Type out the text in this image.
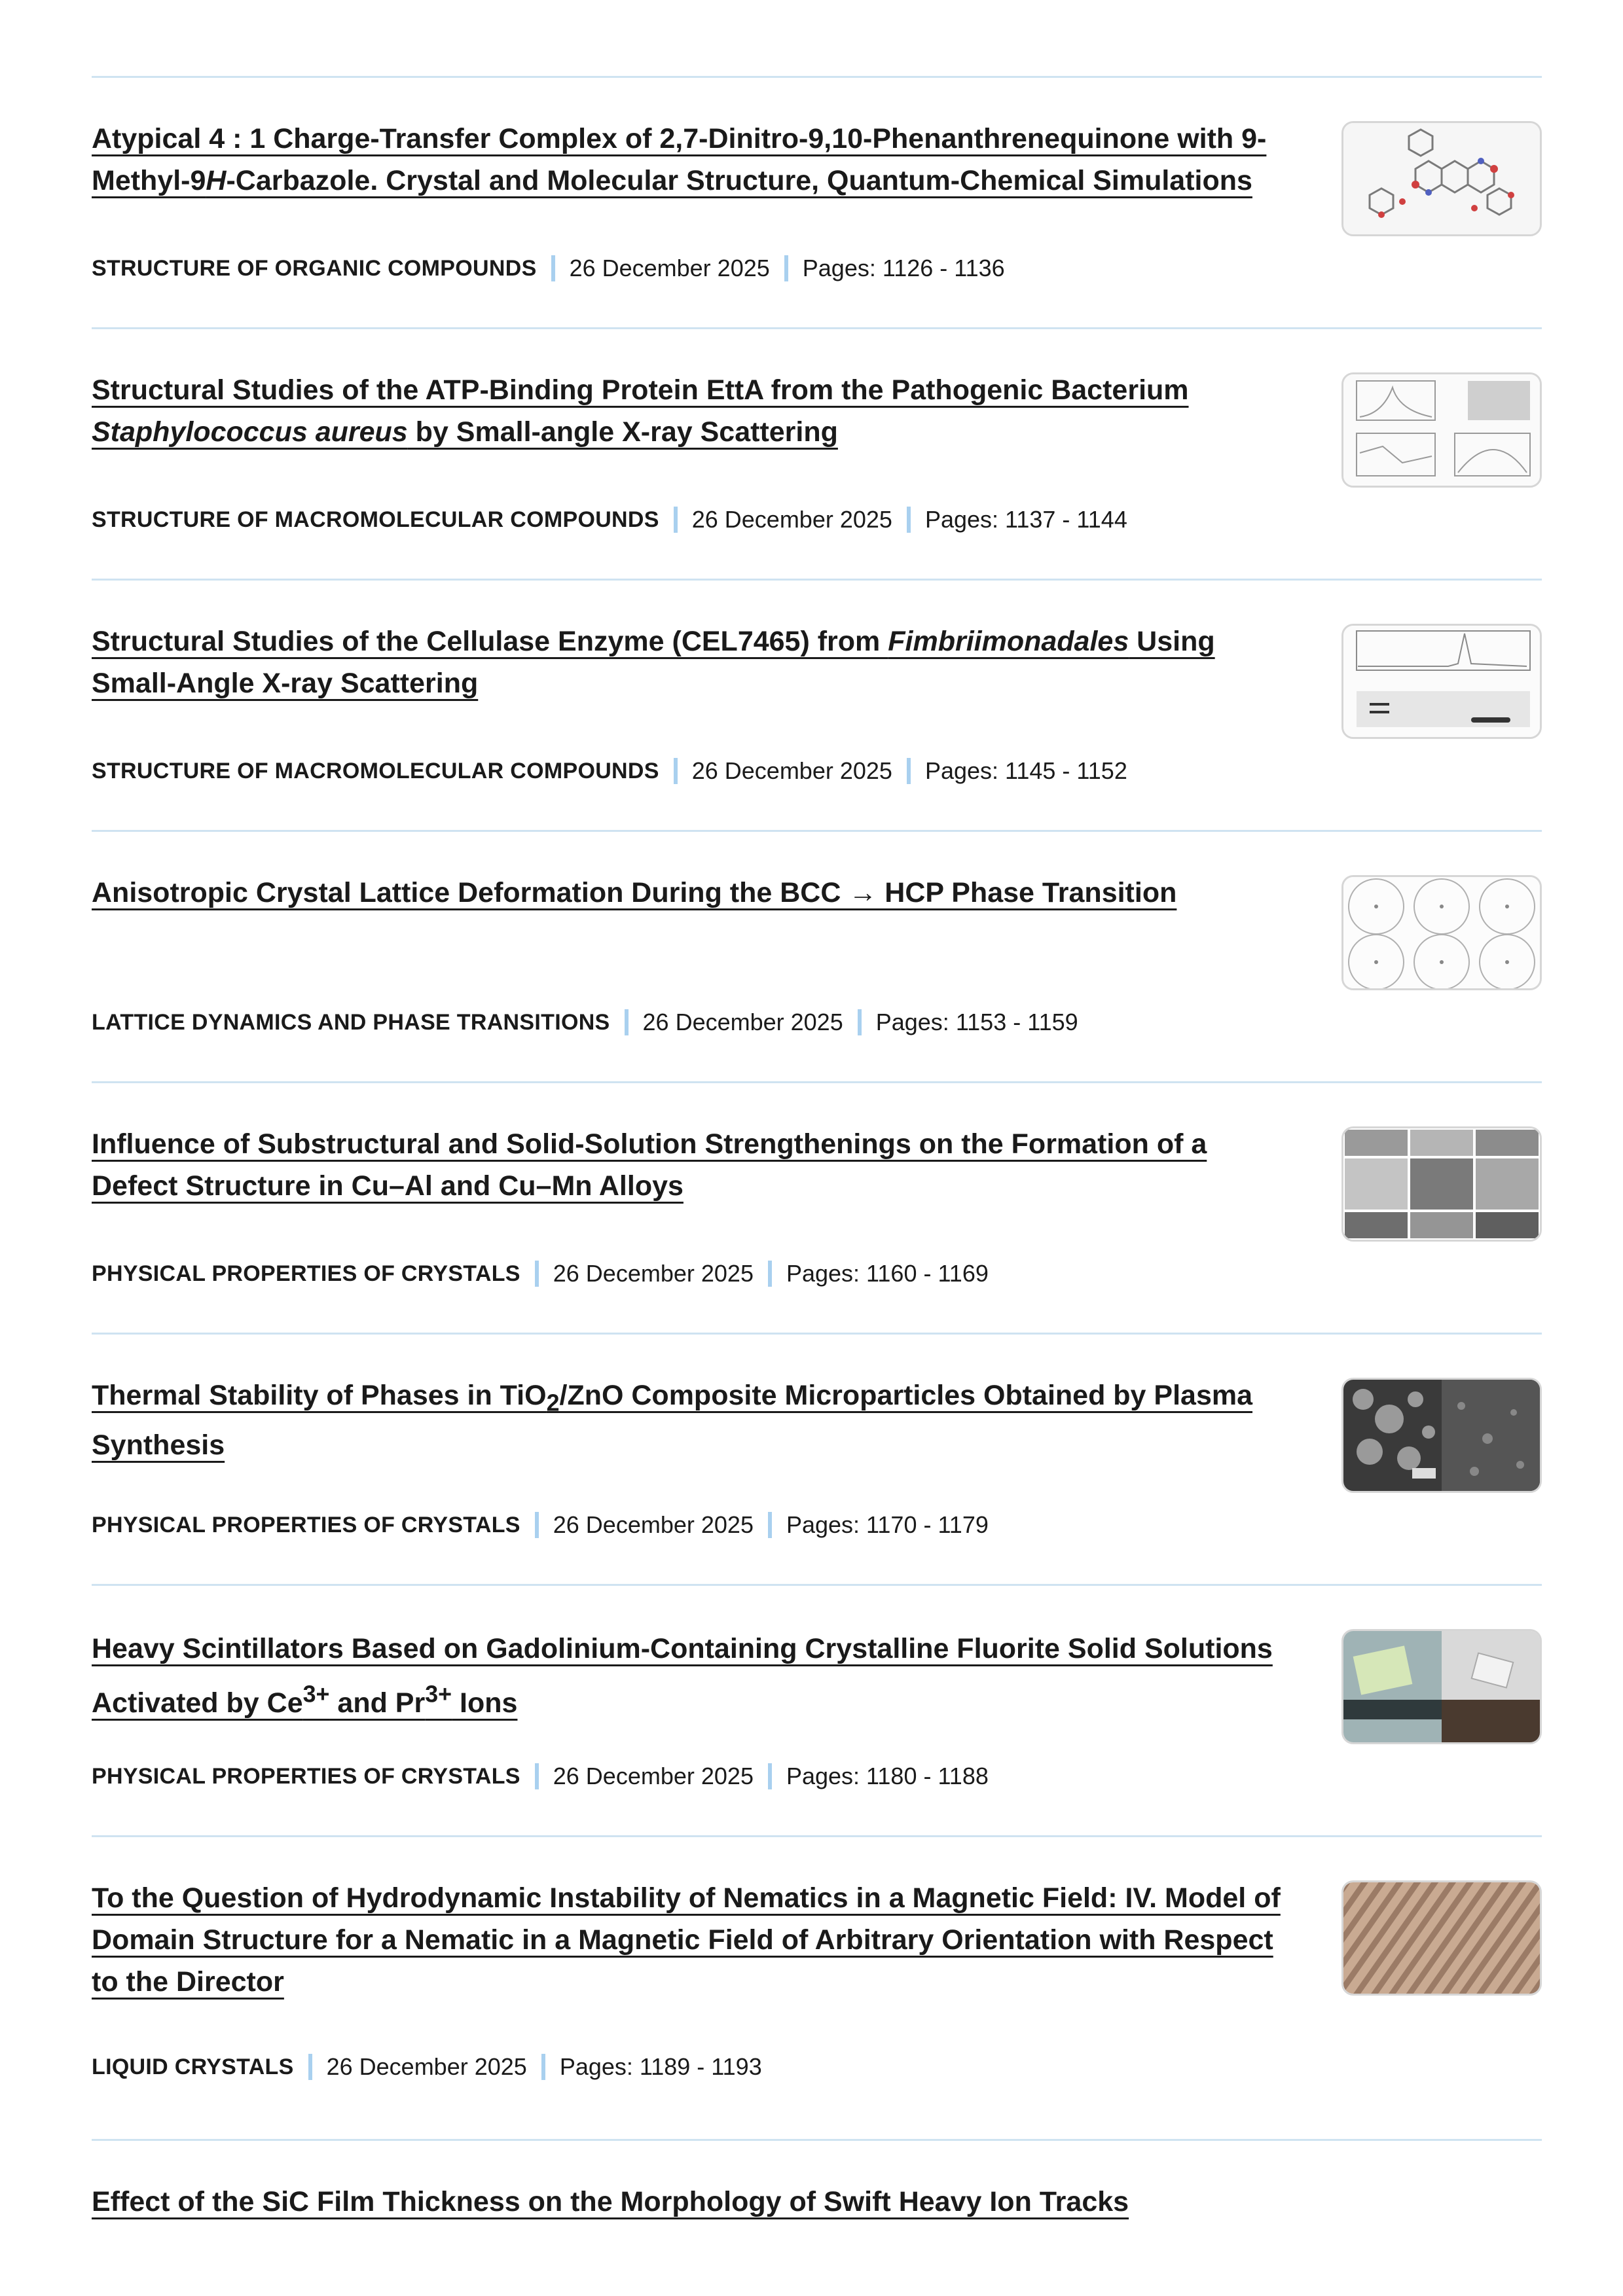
Atypical 4 : 1 Charge-Transfer Complex of 2,7-Dinitro-9,10-Phenanthrenequinone with 9-Methyl-9H-Carbazole. Crystal and Molecular Structure, Quantum-Chemical Simulations
STRUCTURE OF ORGANIC COMPOUNDS 26 December 2025 Pages: 1126 - 1136
Structural Studies of the ATP-Binding Protein EttA from the Pathogenic Bacterium Staphylococcus aureus by Small-angle X-ray Scattering
STRUCTURE OF MACROMOLECULAR COMPOUNDS 26 December 2025 Pages: 1137 - 1144
Structural Studies of the Cellulase Enzyme (CEL7465) from Fimbriimonadales Using Small-Angle X-ray Scattering
STRUCTURE OF MACROMOLECULAR COMPOUNDS 26 December 2025 Pages: 1145 - 1152
Anisotropic Crystal Lattice Deformation During the BCC → HCP Phase Transition
LATTICE DYNAMICS AND PHASE TRANSITIONS 26 December 2025 Pages: 1153 - 1159
Influence of Substructural and Solid-Solution Strengthenings on the Formation of a Defect Structure in Cu–Al and Cu–Mn Alloys
PHYSICAL PROPERTIES OF CRYSTALS 26 December 2025 Pages: 1160 - 1169
Thermal Stability of Phases in TiO$_2$/ZnO Composite Microparticles Obtained by Plasma Synthesis
PHYSICAL PROPERTIES OF CRYSTALS 26 December 2025 Pages: 1170 - 1179
Heavy Scintillators Based on Gadolinium-Containing Crystalline Fluorite Solid Solutions Activated by $Ce^{3+}$ and $Pr^{3+}$ Ions
PHYSICAL PROPERTIES OF CRYSTALS 26 December 2025 Pages: 1180 - 1188
To the Question of Hydrodynamic Instability of Nematics in a Magnetic Field: IV. Model of Domain Structure for a Nematic in a Magnetic Field of Arbitrary Orientation with Respect to the Director
LIQUID CRYSTALS 26 December 2025 Pages: 1189 - 1193
Effect of the SiC Film Thickness on the Morphology of Swift Heavy Ion Tracks
